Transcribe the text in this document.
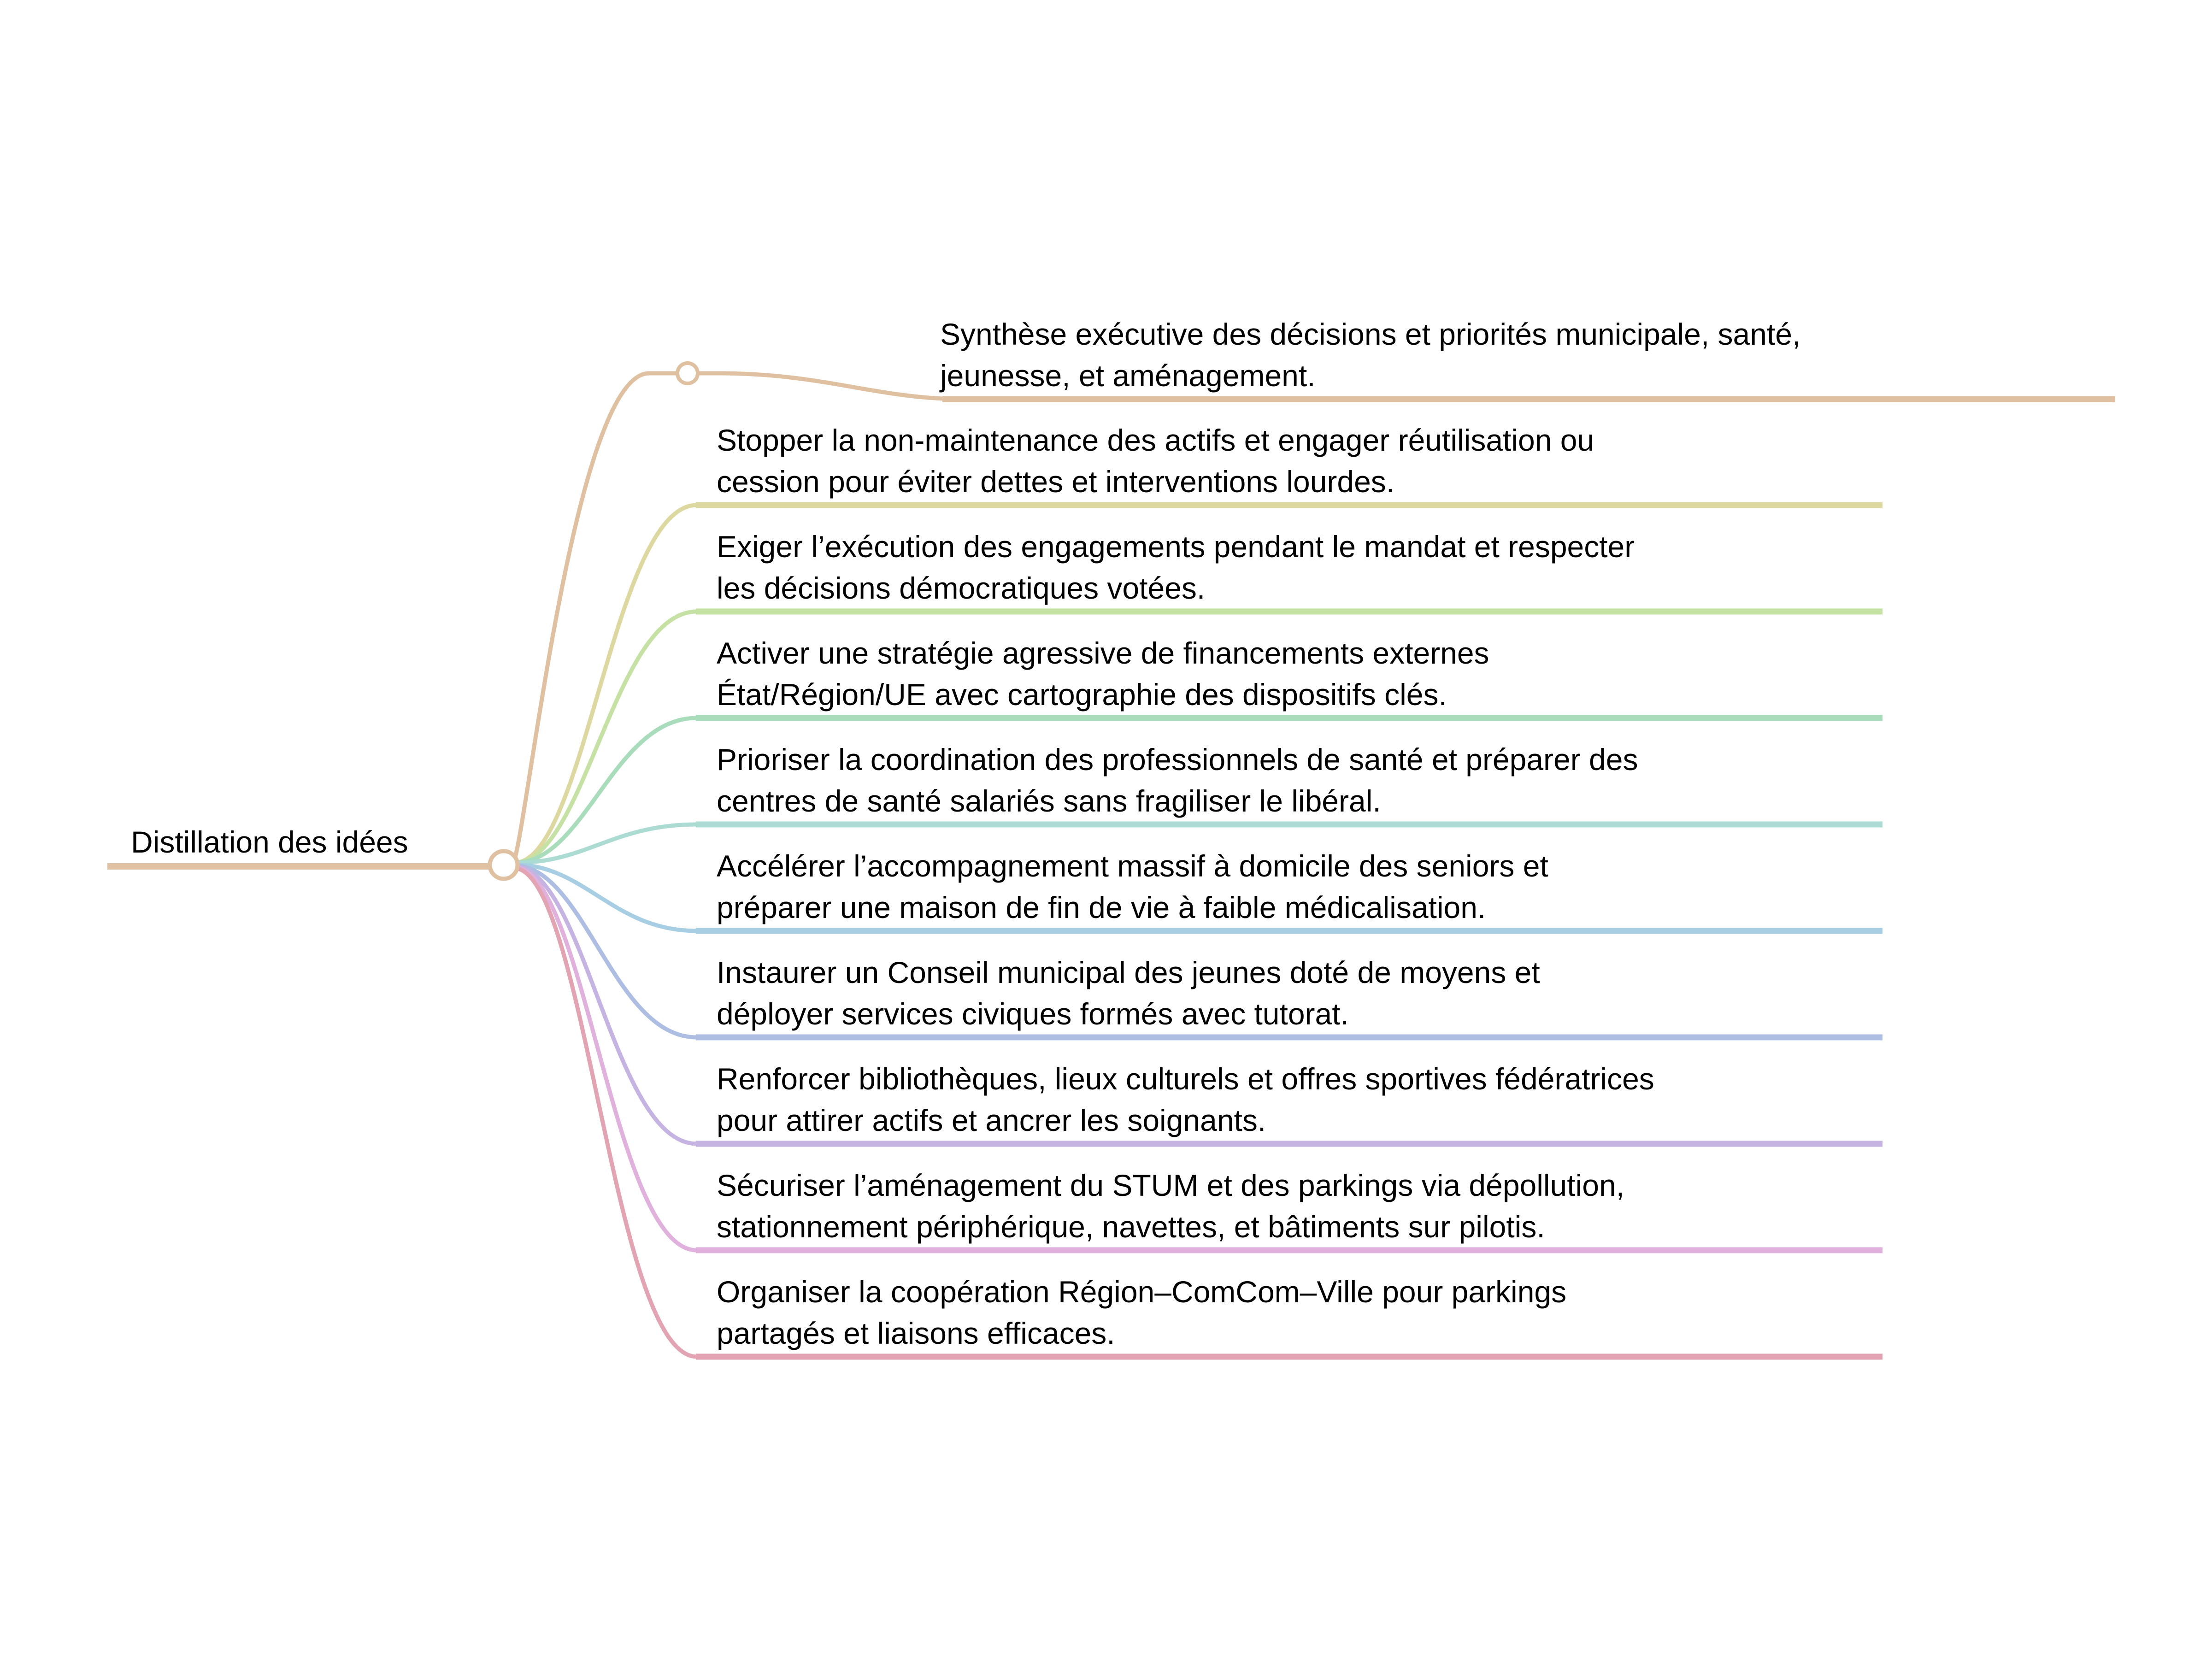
Distillation des idées
Synthèse exécutive des décisions et priorités municipale, santé,
jeunesse, et aménagement.
Stopper la non-maintenance des actifs et engager réutilisation ou
cession pour éviter dettes et interventions lourdes.
Exiger l’exécution des engagements pendant le mandat et respecter
les décisions démocratiques votées.
Activer une stratégie agressive de financements externes
État/Région/UE avec cartographie des dispositifs clés.
Prioriser la coordination des professionnels de santé et préparer des
centres de santé salariés sans fragiliser le libéral.
Accélérer l’accompagnement massif à domicile des seniors et
préparer une maison de fin de vie à faible médicalisation.
Instaurer un Conseil municipal des jeunes doté de moyens et
déployer services civiques formés avec tutorat.
Renforcer bibliothèques, lieux culturels et offres sportives fédératrices
pour attirer actifs et ancrer les soignants.
Sécuriser l’aménagement du STUM et des parkings via dépollution,
stationnement périphérique, navettes, et bâtiments sur pilotis.
Organiser la coopération Région–ComCom–Ville pour parkings
partagés et liaisons efficaces.
